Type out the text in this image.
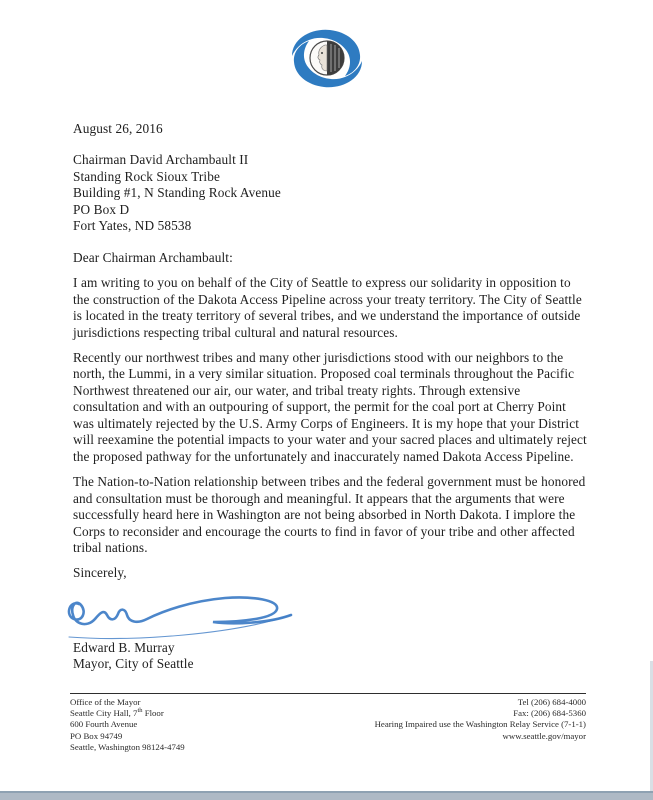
August 26, 2016

Chairman David Archambault II
Standing Rock Sioux Tribe
Building #1, N Standing Rock Avenue
PO Box D
Fort Yates, ND 58538

Dear Chairman Archambault:

I am writing to you on behalf of the City of Seattle to express our solidarity in opposition to the construction of the Dakota Access Pipeline across your treaty territory. The City of Seattle is located in the treaty territory of several tribes, and we understand the importance of outside jurisdictions respecting tribal cultural and natural resources.

Recently our northwest tribes and many other jurisdictions stood with our neighbors to the north, the Lummi, in a very similar situation. Proposed coal terminals throughout the Pacific Northwest threatened our air, our water, and tribal treaty rights. Through extensive consultation and with an outpouring of support, the permit for the coal port at Cherry Point was ultimately rejected by the U.S. Army Corps of Engineers. It is my hope that your District will reexamine the potential impacts to your water and your sacred places and ultimately reject the proposed pathway for the unfortunately and inaccurately named Dakota Access Pipeline.

The Nation-to-Nation relationship between tribes and the federal government must be honored and consultation must be thorough and meaningful. It appears that the arguments that were successfully heard here in Washington are not being absorbed in North Dakota. I implore the Corps to reconsider and encourage the courts to find in favor of your tribe and other affected tribal nations.

Sincerely,

Edward B. Murray

Mayor, City of Seattle

Office of the Mayor
Seattle City Hall, 7th Floor
600 Fourth Avenue
PO Box 94749
Seattle, Washington 98124-4749
Tel (206) 684-4000
Fax: (206) 684-5360
Hearing Impaired use the Washington Relay Service (7-1-1)
www.seattle.gov/mayor
